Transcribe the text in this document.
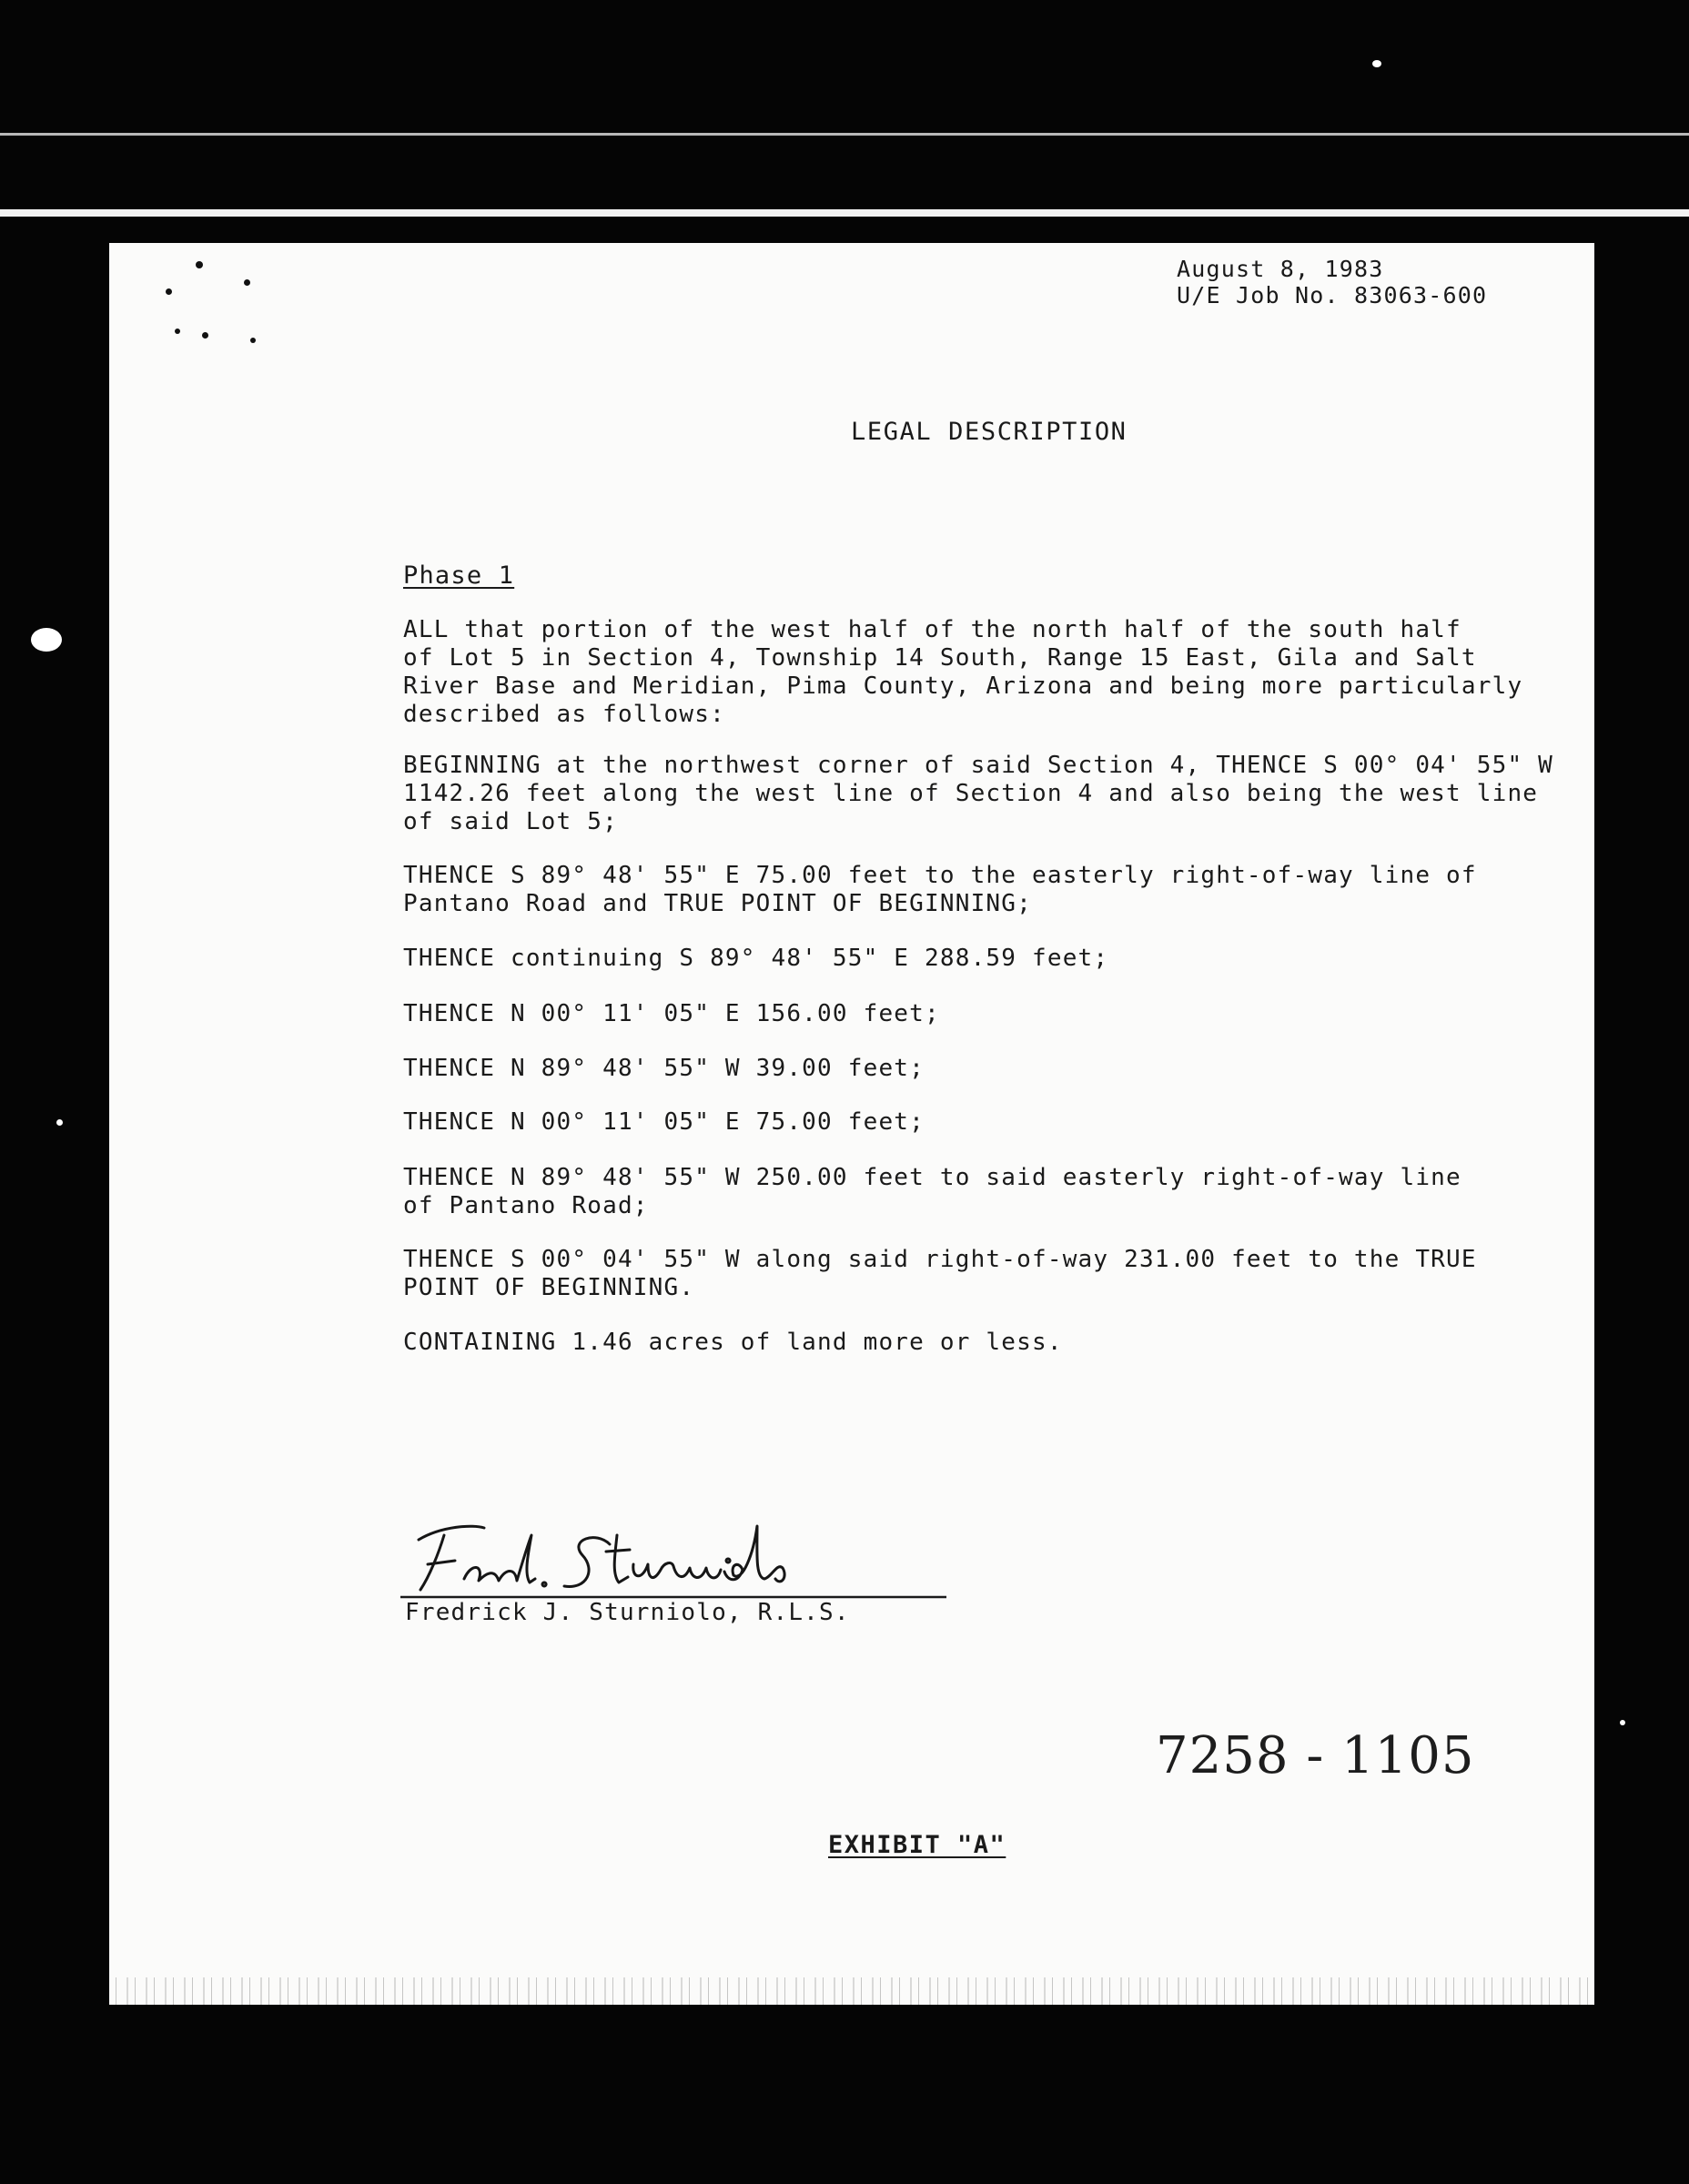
August 8, 1983
U/E Job No. 83063-600
LEGAL DESCRIPTION
Phase 1
ALL that portion of the west half of the north half of the south half
of Lot 5 in Section 4, Township 14 South, Range 15 East, Gila and Salt
River Base and Meridian, Pima County, Arizona and being more particularly
described as follows:
BEGINNING at the northwest corner of said Section 4, THENCE S 00° 04' 55" W
1142.26 feet along the west line of Section 4 and also being the west line
of said Lot 5;
THENCE S 89° 48' 55" E 75.00 feet to the easterly right-of-way line of
Pantano Road and TRUE POINT OF BEGINNING;
THENCE continuing S 89° 48' 55" E 288.59 feet;
THENCE N 00° 11' 05" E 156.00 feet;
THENCE N 89° 48' 55" W 39.00 feet;
THENCE N 00° 11' 05" E 75.00 feet;
THENCE N 89° 48' 55" W 250.00 feet to said easterly right-of-way line
of Pantano Road;
THENCE S 00° 04' 55" W along said right-of-way 231.00 feet to the TRUE
POINT OF BEGINNING.
CONTAINING 1.46 acres of land more or less.
Fredrick J. Sturniolo, R.L.S.
7258 - 1105
EXHIBIT "A"
